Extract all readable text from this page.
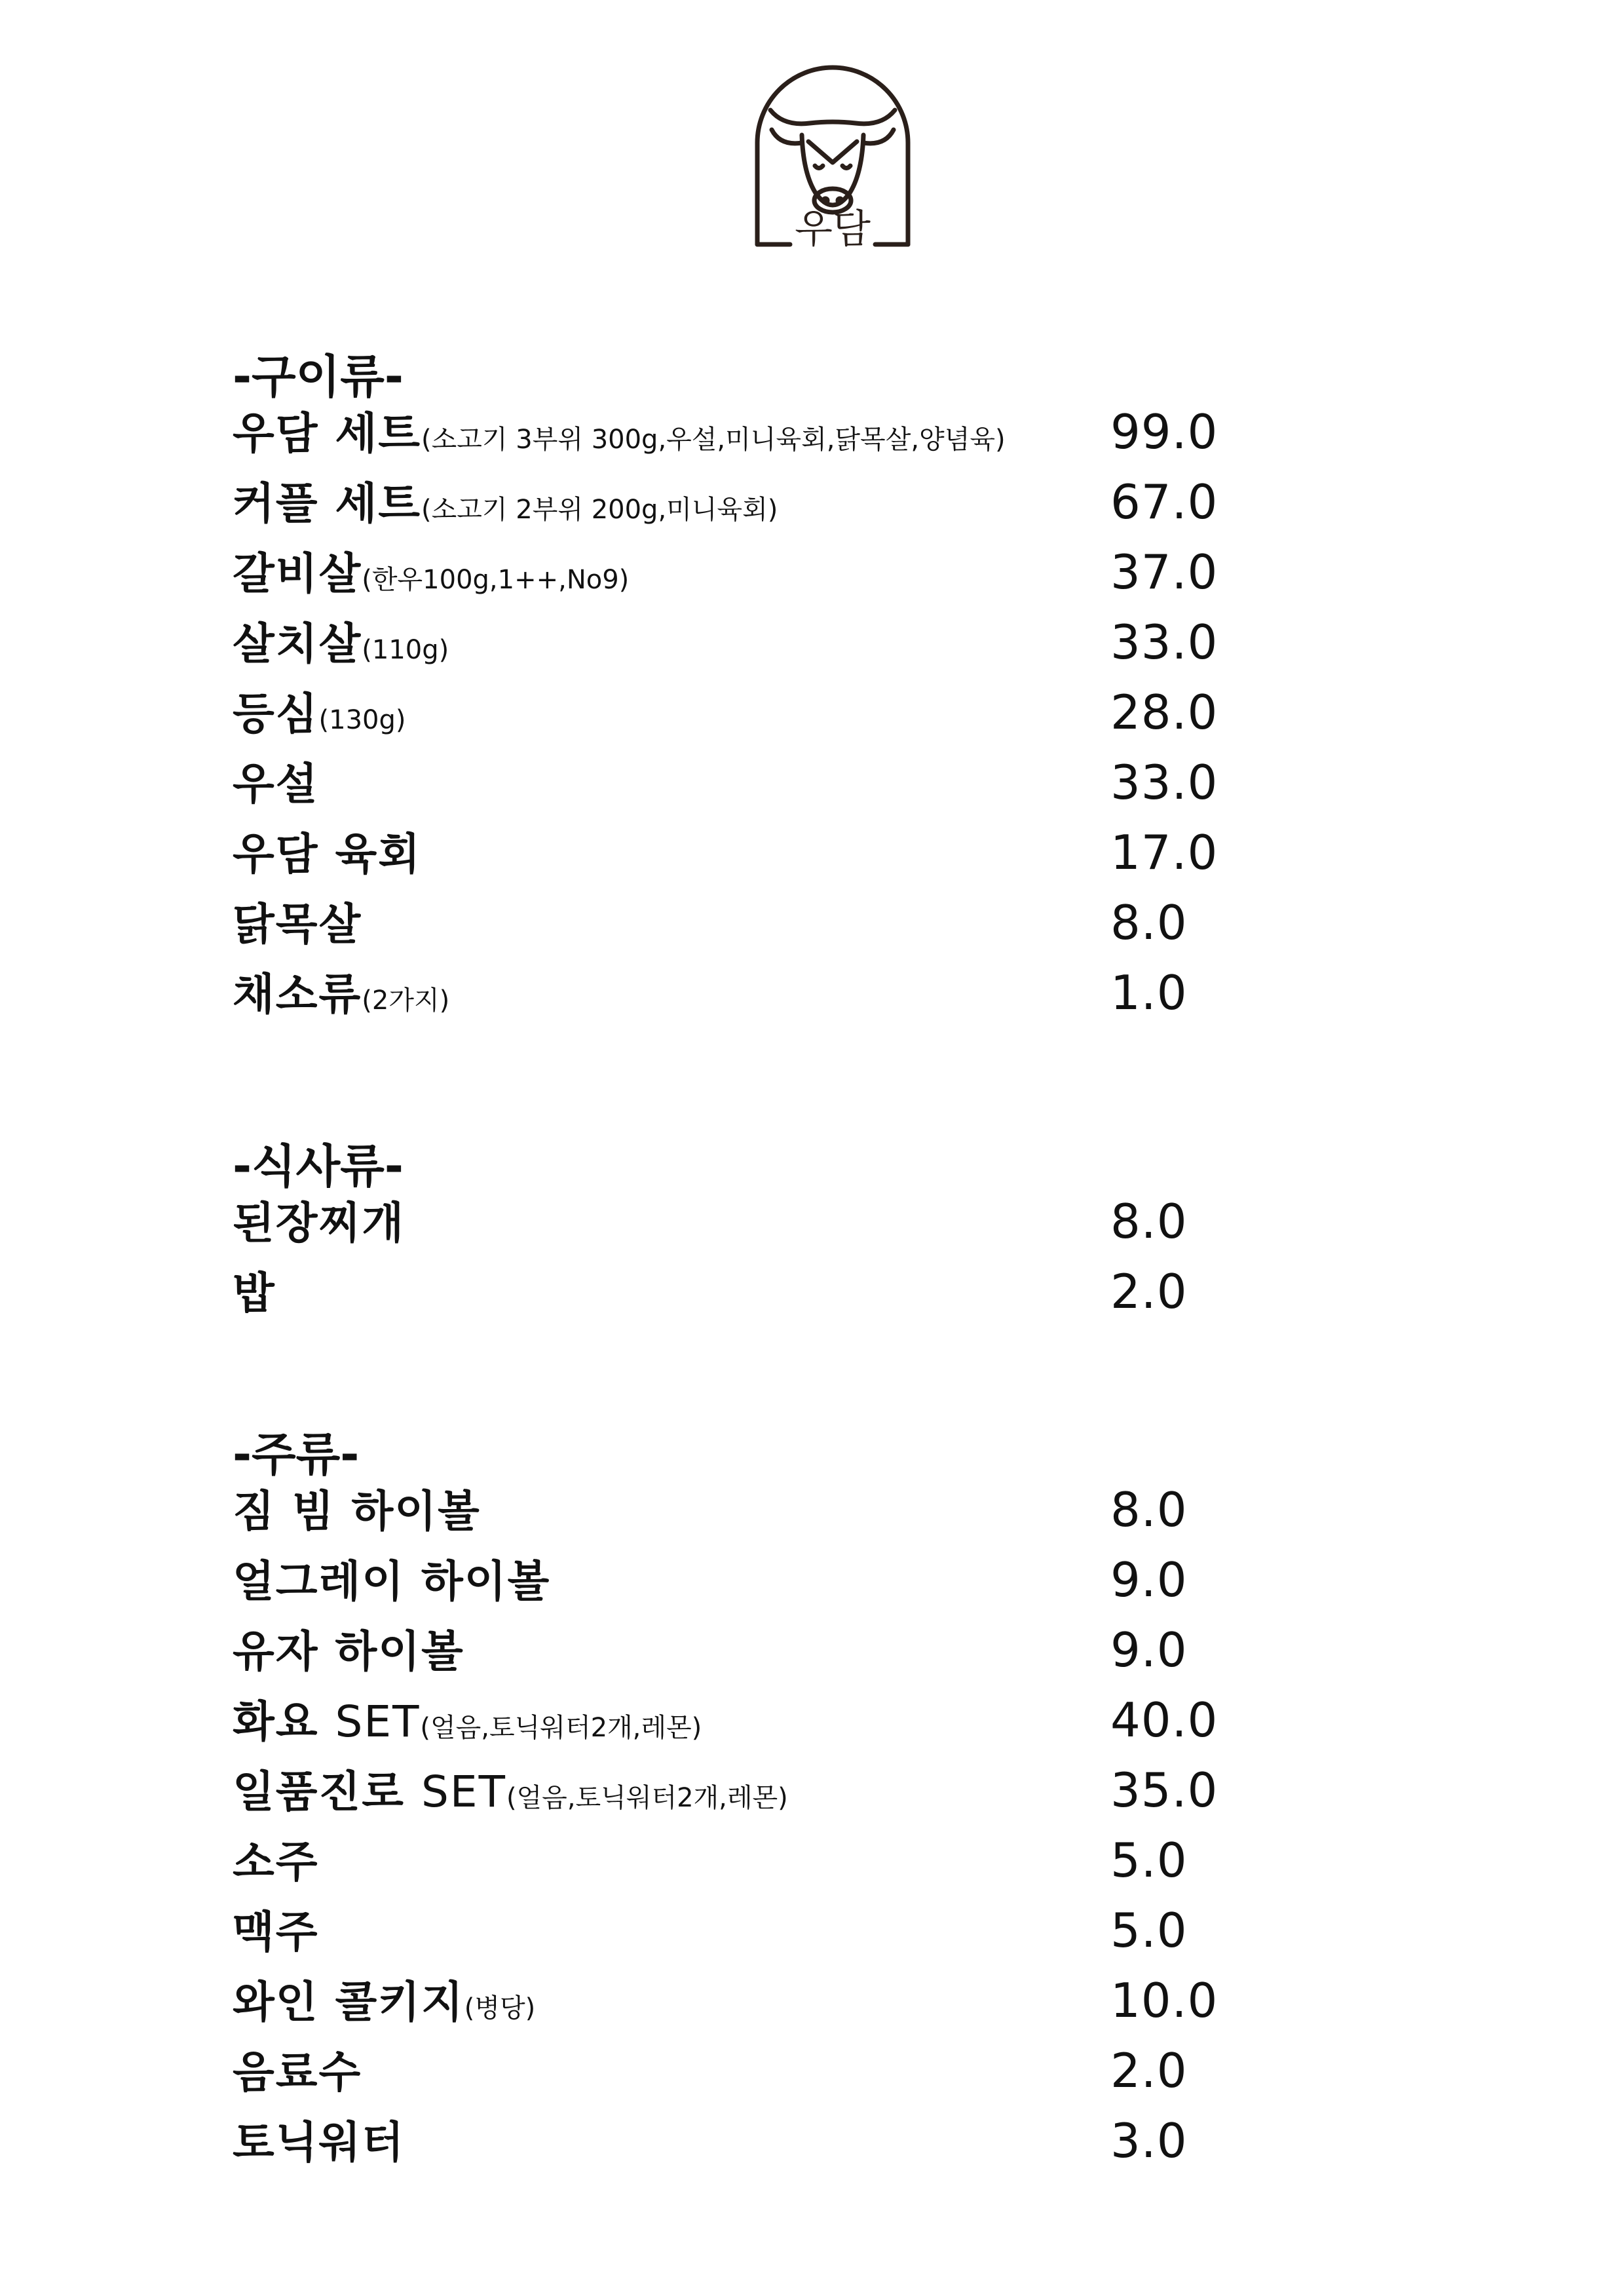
우담
-구이류-
우담 세트(소고기 3부위 300g,우설,미니육회,닭목살,양념육) 99.0
커플 세트(소고기 2부위 200g,미니육회)	67.0
갈비살(한우100g,1++,No9)	37.0
살치살(110g)	33.0
등심(130g)	28.0
우설	33.0
우담 육회	17.0
닭목살	8.0
채소류(2가지)	1.0
-식사류-
된장찌개	8.0
밥	2.0
-주류-
짐 빔 하이볼	8.0
얼그레이 하이볼	9.0
유자 하이볼	9.0
화요 SET(얼음,토닉워터2개,레몬)	40.0
일품진로 SET(얼음,토닉워터2개,레몬)	35.0
소주	5.0
맥주	5.0
와인 콜키지(병당)	10.0
음료수	2.0
토닉워터	3.0
